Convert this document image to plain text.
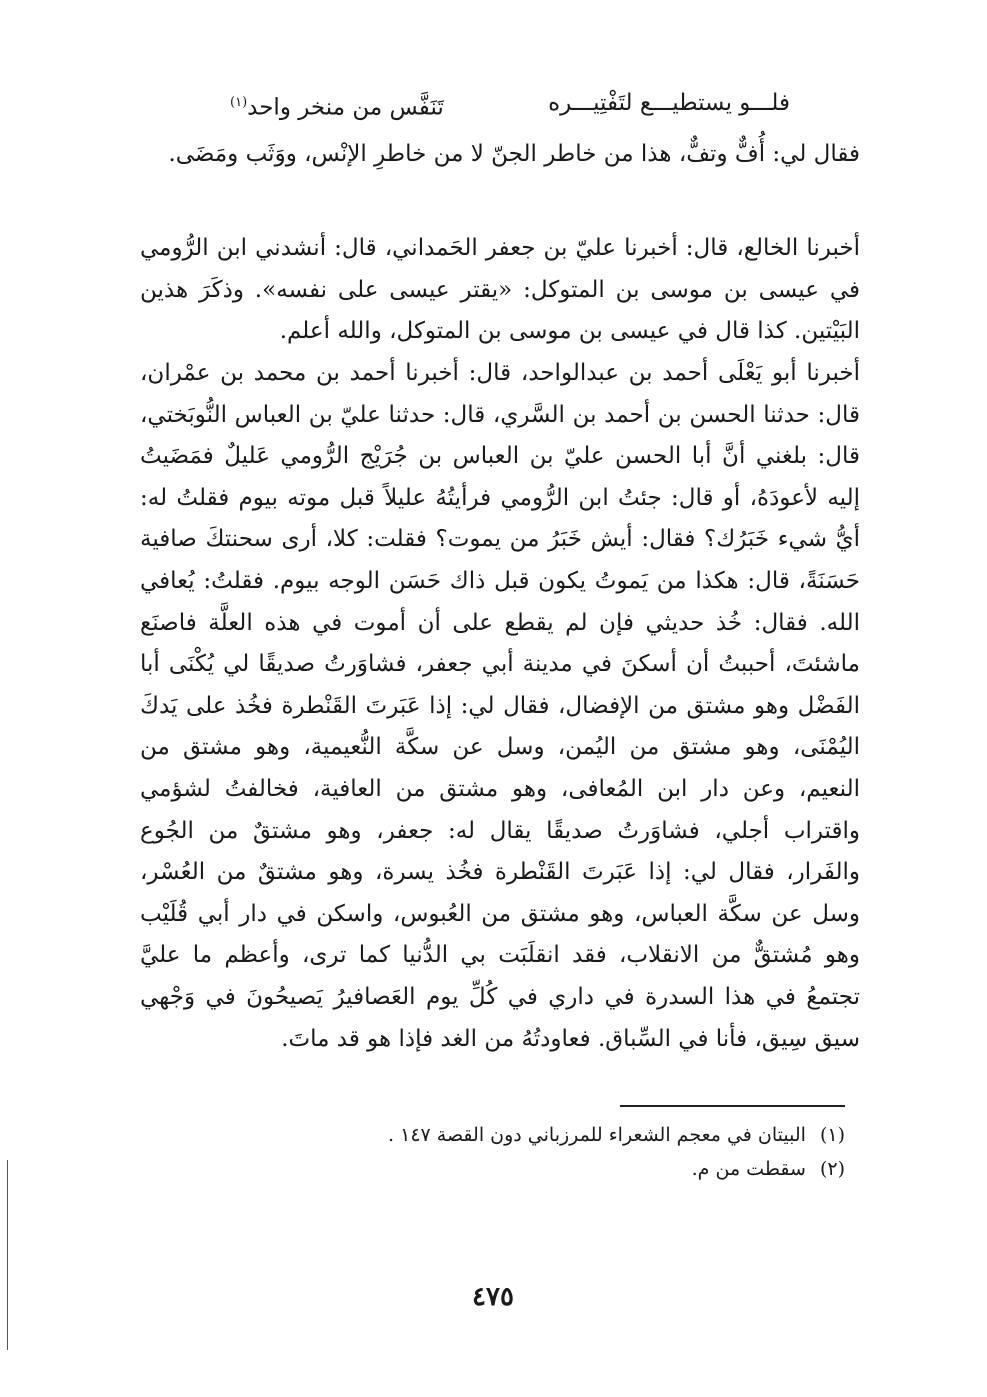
فلـــو يستطيـــع لتَفْتِيـــره
تَنَفَّس من منخر واحد$^{(١)}$

فقال لي: أُفٌّ وتفٌّ، هذا من خاطر الجنّ لا من خاطرِ الإنْس، ووَثَب ومَضَى.

أخبرنا الخالع، قال: أخبرنا عليّ بن جعفر الحَمداني، قال: أنشدني ابن الرُّومي في عيسى بن موسى بن المتوكل: «يقتر عيسى على نفسه». وذكَرَ هذين البَيْتين. كذا قال في عيسى بن موسى بن المتوكل، والله أعلم.

أخبرنا أبو يَعْلَى أحمد بن عبدالواحد، قال: أخبرنا أحمد بن محمد بن عمْران، قال: حدثنا الحسن بن أحمد بن السَّري، قال: حدثنا عليّ بن العباس النُّوبَختي، قال: بلغني أنَّ أبا الحسن عليّ بن العباس بن جُرَيْج الرُّومي عَليلٌ فمَضَيتُ إليه لأعودَهُ، أو قال: جئتُ ابن الرُّومي فرأيتُهُ عليلاً قبل موته بيوم فقلتُ له: أيُّ شيء خَبَرُك؟ فقال: أيش خَبَرُ من يموت؟ فقلت: كلا، أرى سحنتكَ صافية حَسَنَةً، قال: هكذا من يَموتُ يكون قبل ذاك حَسَن الوجه بيوم. فقلتُ: يُعافي الله. فقال: خُذ حديثي فإن لم يقطع على أن أموت في هذه العلَّة فاصنَع ماشئتَ، أحببتُ أن أسكنَ في مدينة أبي جعفر، فشاوَرتُ صديقًا لي يُكْنَى أبا الفَضْل وهو مشتق من الإفضال، فقال لي: إذا عَبَرتَ القَنْطرة فخُذ على يَدكَ اليُمْنَى، وهو مشتق من اليُمن، وسل عن سكَّة النُّعيمية، وهو مشتق من النعيم، وعن دار ابن المُعافى، وهو مشتق من العافية، فخالفتُ لشؤمي واقتراب أجلي، فشاوَرتُ صديقًا يقال له: جعفر، وهو مشتقٌ من الجُوع والفَرار، فقال لي: إذا عَبَرتَ القَنْطرة فخُذ يسرة، وهو مشتقٌ من العُسْر، وسل عن سكَّة العباس، وهو مشتق من العُبوس، واسكن في دار أبي قُلَيْب وهو مُشتقٌّ من الانقلاب، فقد انقلَبَت بي الدُّنيا كما ترى، وأعظم ما عليَّ تجتمعُ في هذا السدرة في داري في كُلِّ يوم العَصافيرُ يَصيحُونَ في وَجْهي سيق سِيق، فأنا في السِّباق. فعاودتُهُ من الغد فإذا هو قد ماتَ.

(١)
البيتان في معجم الشعراء للمرزباني دون القصة ١٤٧ .
(٢)
سقطت من م.
٤٧٥
